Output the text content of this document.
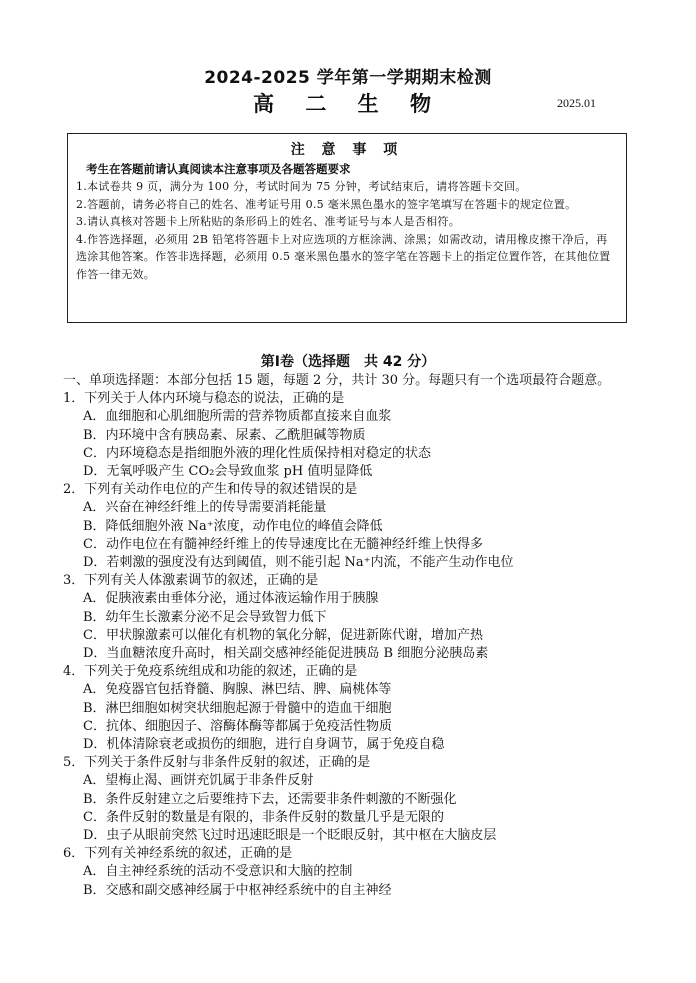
2024-2025 学年第一学期期末检测
高 二 生 物	2025.01
注 意 事 项
考生在答题前请认真阅读本注意事项及各题答题要求
1.本试卷共 9 页，满分为 100 分，考试时间为 75 分钟，考试结束后，请将答题卡交回。
2.答题前，请务必将自己的姓名、准考证号用 0.5 毫米黑色墨水的签字笔填写在答题卡的规定位置。
3.请认真核对答题卡上所粘贴的条形码上的姓名、准考证号与本人是否相符。
4.作答选择题，必须用 2B 铅笔将答题卡上对应选项的方框涂满、涂黑；如需改动，请用橡皮擦干净后，再选涂其他答案。作答非选择题，必须用 0.5 毫米黑色墨水的签字笔在答题卡上的指定位置作答，在其他位置作答一律无效。
第Ⅰ卷（选择题　共 42 分）
一、单项选择题：本部分包括 15 题，每题 2 分，共计 30 分。每题只有一个选项最符合题意。
1．下列关于人体内环境与稳态的说法，正确的是
A．血细胞和心肌细胞所需的营养物质都直接来自血浆
B．内环境中含有胰岛素、尿素、乙酰胆碱等物质
C．内环境稳态是指细胞外液的理化性质保持相对稳定的状态
D．无氧呼吸产生 CO₂会导致血浆 pH 值明显降低
2．下列有关动作电位的产生和传导的叙述错误的是
A．兴奋在神经纤维上的传导需要消耗能量
B．降低细胞外液 Na⁺浓度，动作电位的峰值会降低
C．动作电位在有髓神经纤维上的传导速度比在无髓神经纤维上快得多
D．若刺激的强度没有达到阈值，则不能引起 Na⁺内流，不能产生动作电位
3．下列有关人体激素调节的叙述，正确的是
A．促胰液素由垂体分泌，通过体液运输作用于胰腺
B．幼年生长激素分泌不足会导致智力低下
C．甲状腺激素可以催化有机物的氧化分解，促进新陈代谢，增加产热
D．当血糖浓度升高时，相关副交感神经能促进胰岛 B 细胞分泌胰岛素
4．下列关于免疫系统组成和功能的叙述，正确的是
A．免疫器官包括脊髓、胸腺、淋巴结、脾、扁桃体等
B．淋巴细胞如树突状细胞起源于骨髓中的造血干细胞
C．抗体、细胞因子、溶酶体酶等都属于免疫活性物质
D．机体清除衰老或损伤的细胞，进行自身调节，属于免疫自稳
5．下列关于条件反射与非条件反射的叙述，正确的是
A．望梅止渴、画饼充饥属于非条件反射
B．条件反射建立之后要维持下去，还需要非条件刺激的不断强化
C．条件反射的数量是有限的，非条件反射的数量几乎是无限的
D．虫子从眼前突然飞过时迅速眨眼是一个眨眼反射，其中枢在大脑皮层
6．下列有关神经系统的叙述，正确的是
A．自主神经系统的活动不受意识和大脑的控制
B．交感和副交感神经属于中枢神经系统中的自主神经
